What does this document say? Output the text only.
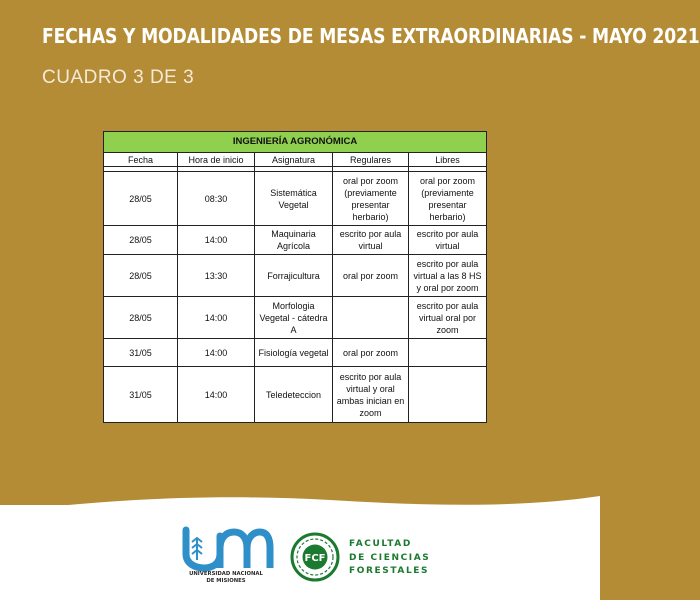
FECHAS Y MODALIDADES DE MESAS EXTRAORDINARIAS - MAYO 2021
CUADRO 3 DE 3
INGENIERÍA AGRONÓMICA				
Fecha	Hora de inicio	Asignatura	Regulares	Libres

28/05	08:30	Sistemática Vegetal	oral por zoom (previamente presentar herbario)	oral por zoom (previamente presentar herbario)
28/05	14:00	Maquinaria Agrícola	escrito por aula virtual	escrito por aula virtual
28/05	13:30	Forrajicultura	oral por zoom	escrito por aula virtual a las 8 HS y oral por zoom
28/05	14:00	Morfologia Vegetal - cátedra A		escrito por aula virtual oral por zoom
31/05	14:00	Fisiología vegetal	oral por zoom	
31/05	14:00	Teledeteccion	escrito por aula virtual y oral ambas inician en zoom	
UNIVERSIDAD NACIONAL
DE MISIONES
FCF
FACULTAD
DE CIENCIAS
FORESTALES
